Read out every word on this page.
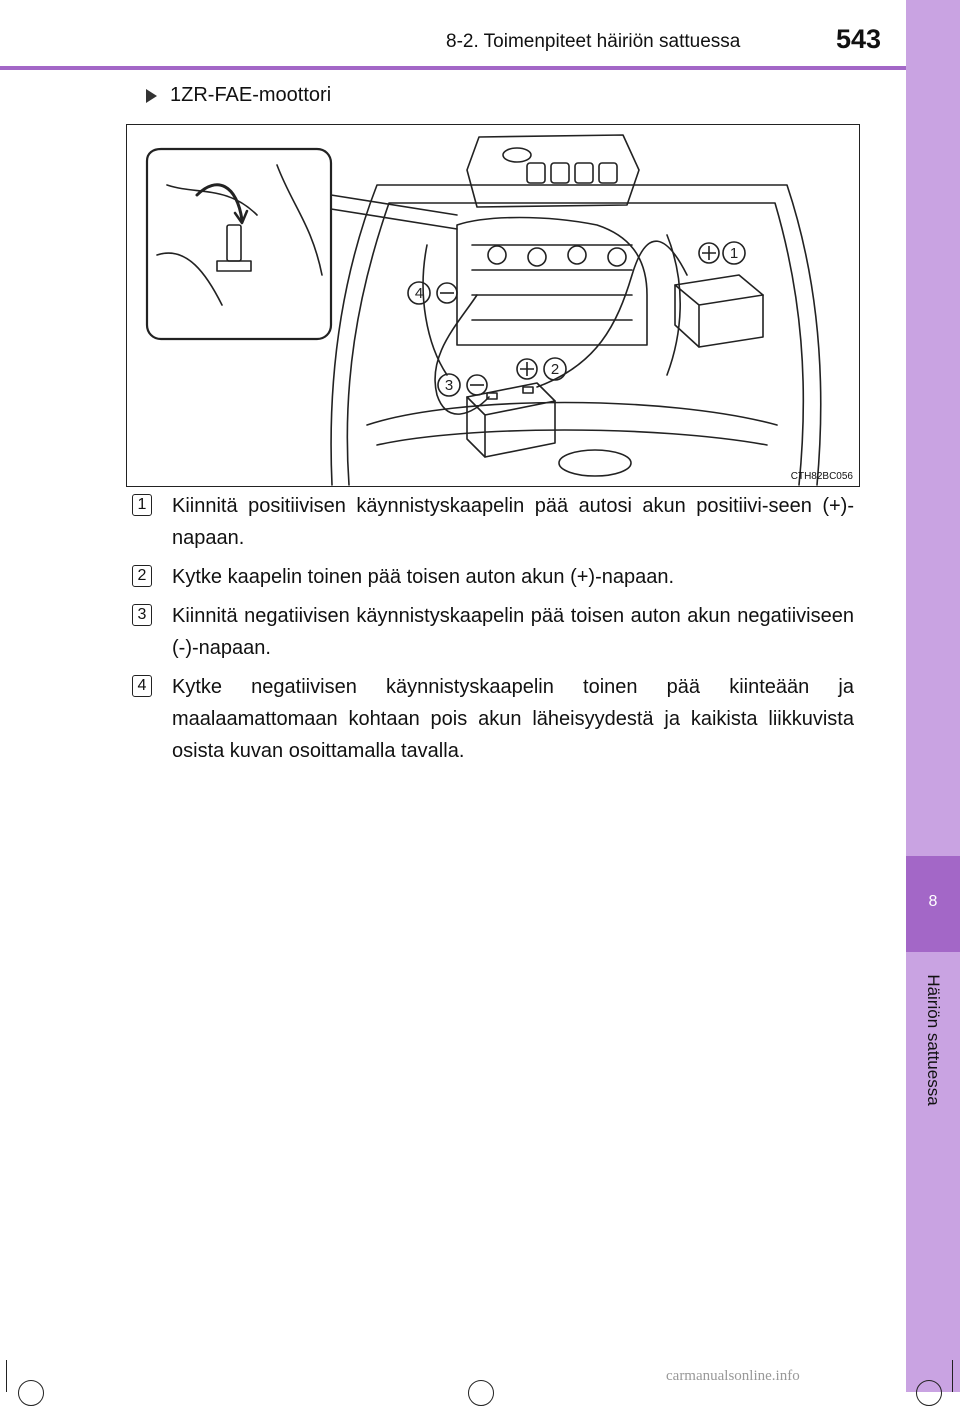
8-2. Toimenpiteet häiriön sattuessa	543
8
Häiriön sattuessa
1ZR-FAE-moottori
1
2
3
4
CTH82BC056
1 Kiinnitä positiivisen käynnistyskaapelin pää autosi akun positiivi-seen (+)-napaan.
2 Kytke kaapelin toinen pää toisen auton akun (+)-napaan.
3 Kiinnitä negatiivisen käynnistyskaapelin pää toisen auton akun negatiiviseen (-)-napaan.
4 Kytke negatiivisen käynnistyskaapelin toinen pää kiinteään ja maalaamattomaan kohtaan pois akun läheisyydestä ja kaikista liikkuvista osista kuvan osoittamalla tavalla.
carmanualsonline.info
